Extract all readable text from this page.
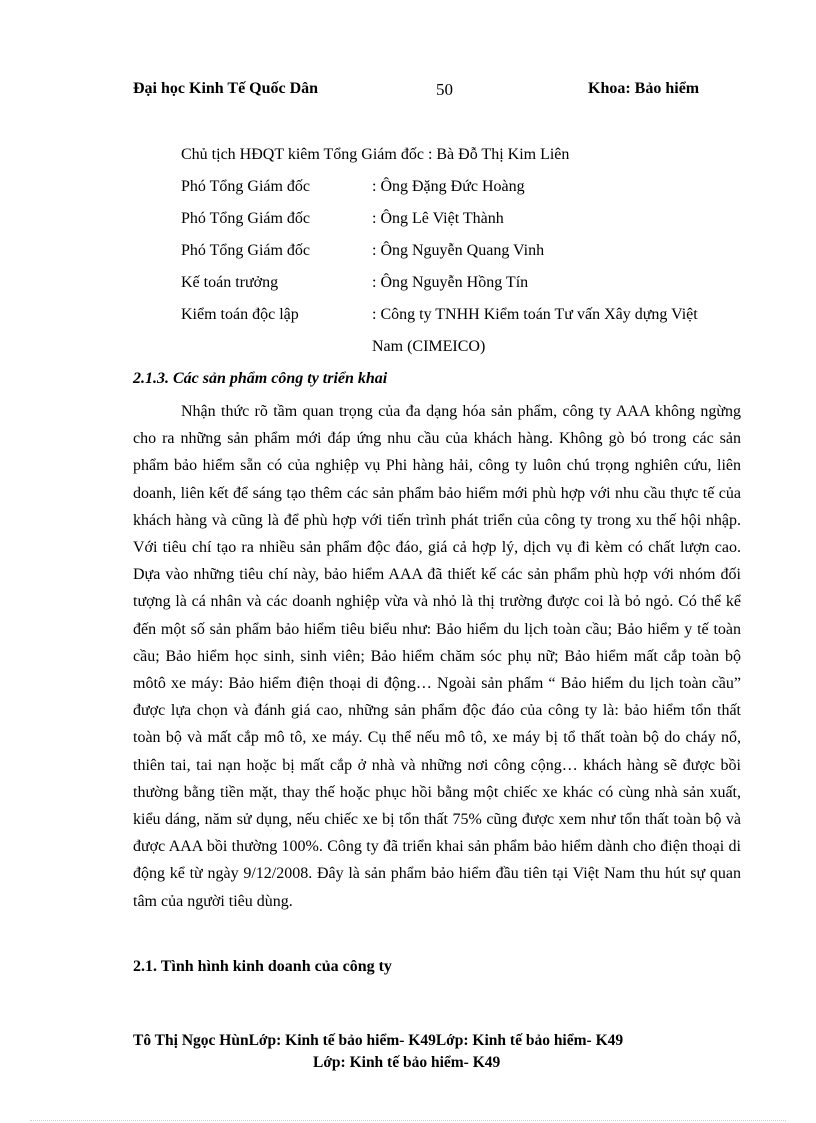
Đại học Kinh Tế Quốc Dân	50	Khoa: Bảo hiểm
Chủ tịch HĐQT kiêm Tổng Giám đốc : Bà Đỗ Thị Kim Liên
Phó Tổng Giám đốc	: Ông Đặng Đức Hoàng
Phó Tổng Giám đốc	: Ông Lê Việt Thành
Phó Tổng Giám đốc	: Ông Nguyễn Quang Vinh
Kế toán trưởng	: Ông Nguyễn Hồng Tín
Kiểm toán độc lập	: Công ty TNHH Kiểm toán Tư vấn Xây dựng Việt
Nam (CIMEICO)
2.1.3. Các sản phẩm công ty triển khai
Nhận thức rõ tầm quan trọng của đa dạng hóa sản phẩm, công ty AAA không ngừng cho ra những sản phẩm mới đáp ứng nhu cầu của khách hàng. Không gò bó trong các sản phẩm bảo hiểm sẵn có của nghiệp vụ Phi hàng hải, công ty luôn chú trọng nghiên cứu, liên doanh, liên kết để sáng tạo thêm các sản phẩm bảo hiểm mới phù hợp với nhu cầu thực tế của khách hàng và cũng là để phù hợp với tiến trình phát triển của công ty trong xu thế hội nhập. Với tiêu chí tạo ra nhiều sản phẩm độc đáo, giá cả hợp lý, dịch vụ đi kèm có chất lượn cao. Dựa vào những tiêu chí này, bảo hiểm AAA đã thiết kế các sản phẩm phù hợp với nhóm đối tượng là cá nhân và các doanh nghiệp vừa và nhỏ là thị trường được coi là bỏ ngỏ. Có thể kể đến một số sản phẩm bảo hiểm tiêu biểu như: Bảo hiểm du lịch toàn cầu; Bảo hiểm y tế toàn cầu; Bảo hiểm học sinh, sinh viên; Bảo hiểm chăm sóc phụ nữ; Bảo hiểm mất cắp toàn bộ môtô xe máy: Bảo hiểm điện thoại di động… Ngoài sản phẩm “ Bảo hiểm du lịch toàn cầu” được lựa chọn và đánh giá cao, những sản phẩm độc đáo của công ty là: bảo hiểm tổn thất toàn bộ và mất cắp mô tô, xe máy. Cụ thể nếu mô tô, xe máy bị tổ thất toàn bộ do cháy nổ, thiên tai, tai nạn hoặc bị mất cắp ở nhà và những nơi công cộng… khách hàng sẽ được bồi thường bằng tiền mặt, thay thế hoặc phục hồi bằng một chiếc xe khác có cùng nhà sản xuất, kiểu dáng, năm sử dụng, nếu chiếc xe bị tổn thất 75% cũng được xem như tổn thất toàn bộ và được AAA bồi thường 100%. Công ty đã triển khai sản phẩm bảo hiểm dành cho điện thoại di động kể từ ngày 9/12/2008. Đây là sản phẩm bảo hiểm đầu tiên tại Việt Nam thu hút sự quan tâm của người tiêu dùng.
2.1. Tình hình kinh doanh của công ty
Tô Thị Ngọc HùnLớp: Kinh tế bảo hiểm- K49Lớp: Kinh tế bảo hiểm- K49
Lớp: Kinh tế bảo hiểm- K49
